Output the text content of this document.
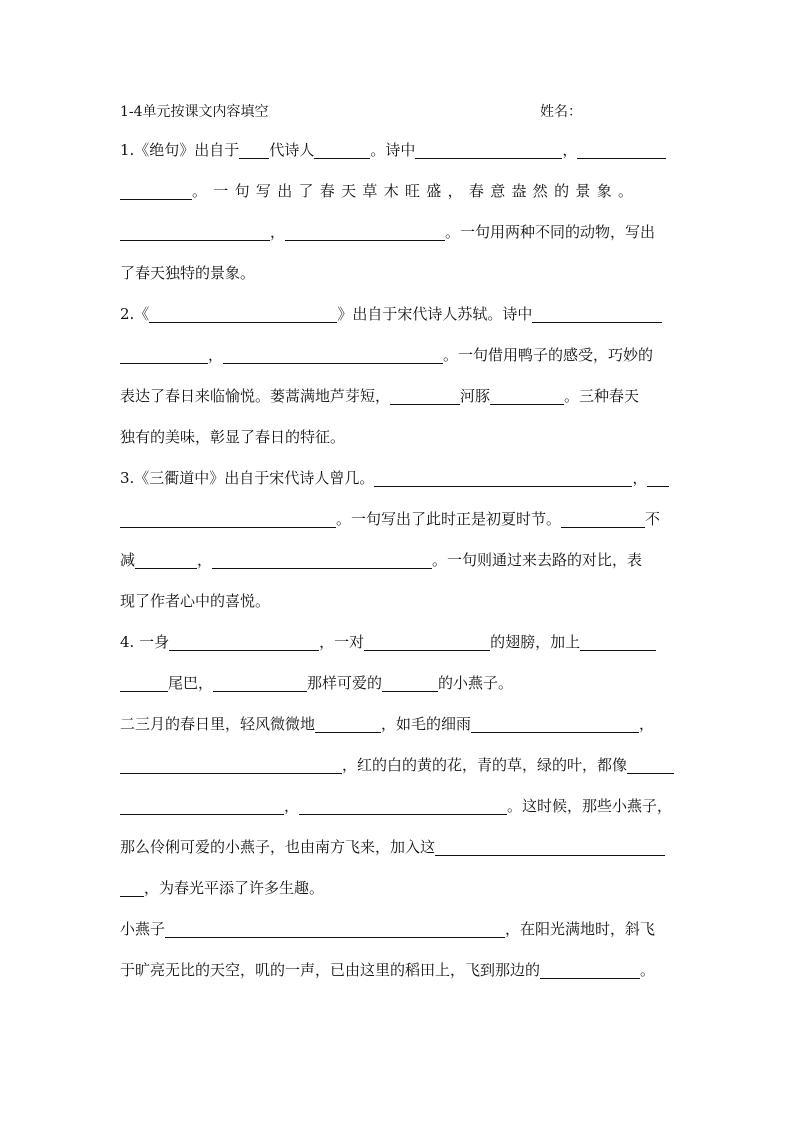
1-4单元按课文内容填空	姓名：
1.《绝句》出自于 代诗人	。诗中	，
。一句写出了春天草木旺盛，春意盎然的景象。
，	。一句用两种不同的动物，写出
了春天独特的景象。
2.《	》出自于宋代诗人苏轼。诗中
，	。一句借用鸭子的感受，巧妙的
表达了春日来临愉悦。蒌蒿满地芦芽短，	河豚	。三种春天
独有的美味，彰显了春日的特征。
3.《三衢道中》出自于宋代诗人曾几。	，
。一句写出了此时正是初夏时节。	不
减	，	。一句则通过来去路的对比，表
现了作者心中的喜悦。
4. 一身	，一对	的翅膀，加上
尾巴，	那样可爱的	的小燕子。
二三月的春日里，轻风微微地	，如毛的细雨	，
，红的白的黄的花，青的草，绿的叶，都像
，	。这时候，那些小燕子，
那么伶俐可爱的小燕子，也由南方飞来，加入这
，为春光平添了许多生趣。
小燕子	，在阳光满地时，斜飞
于旷亮无比的天空，叽的一声，已由这里的稻田上，飞到那边的	。
